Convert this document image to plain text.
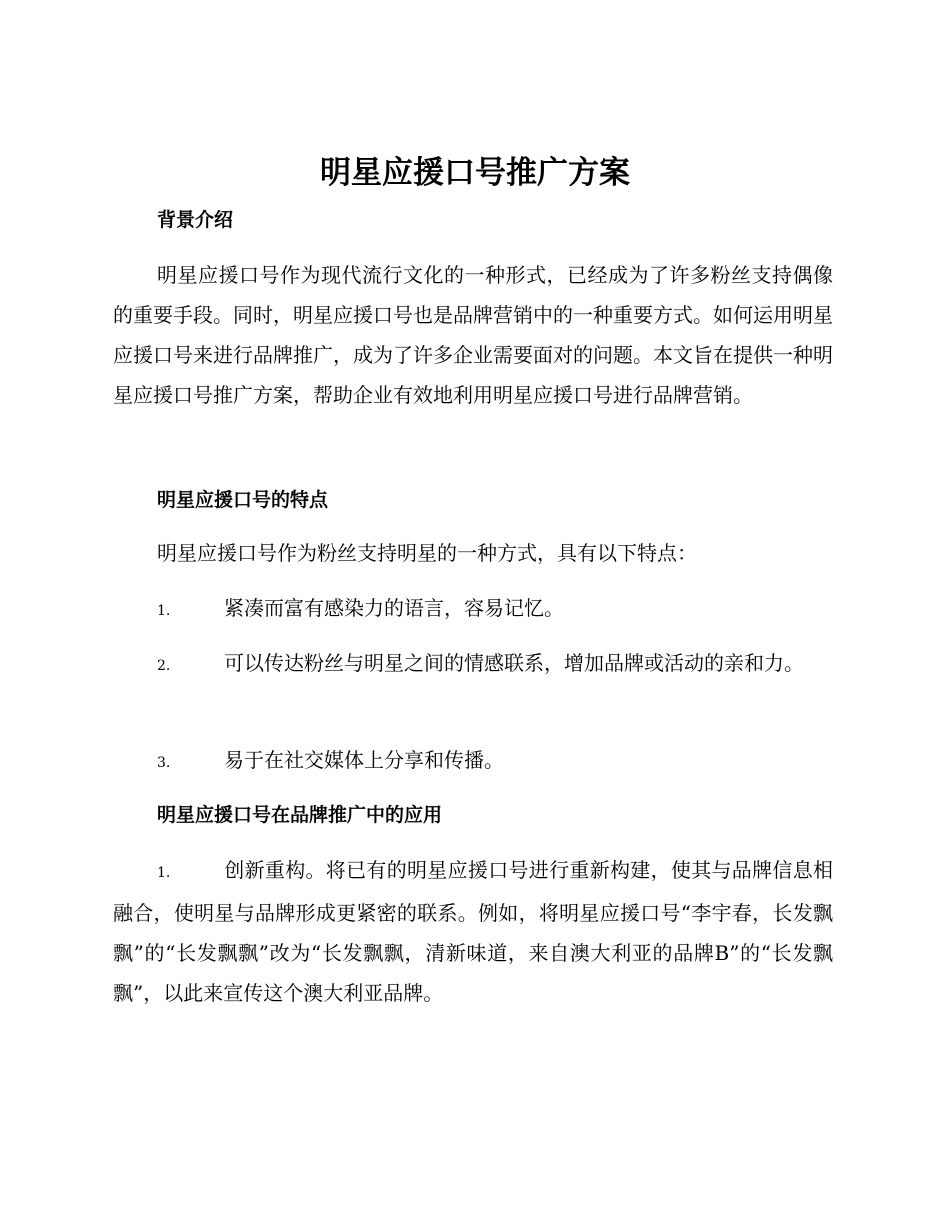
明星应援口号推广方案
背景介绍

明星应援口号作为现代流行文化的一种形式，已经成为了许多粉丝支持偶像的重要手段。同时，明星应援口号也是品牌营销中的一种重要方式。如何运用明星应援口号来进行品牌推广，成为了许多企业需要面对的问题。本文旨在提供一种明星应援口号推广方案，帮助企业有效地利用明星应援口号进行品牌营销。

明星应援口号的特点

明星应援口号作为粉丝支持明星的一种方式，具有以下特点：

1.	紧凑而富有感染力的语言，容易记忆。

2.	可以传达粉丝与明星之间的情感联系，增加品牌或活动的亲和力。

3.	易于在社交媒体上分享和传播。

明星应援口号在品牌推广中的应用

1.	创新重构。将已有的明星应援口号进行重新构建，使其与品牌信息相融合，使明星与品牌形成更紧密的联系。例如，将明星应援口号“李宇春，长发飘飘”的“长发飘飘”改为“长发飘飘，清新味道，来自澳大利亚的品牌B”的“长发飘飘”，以此来宣传这个澳大利亚品牌。
